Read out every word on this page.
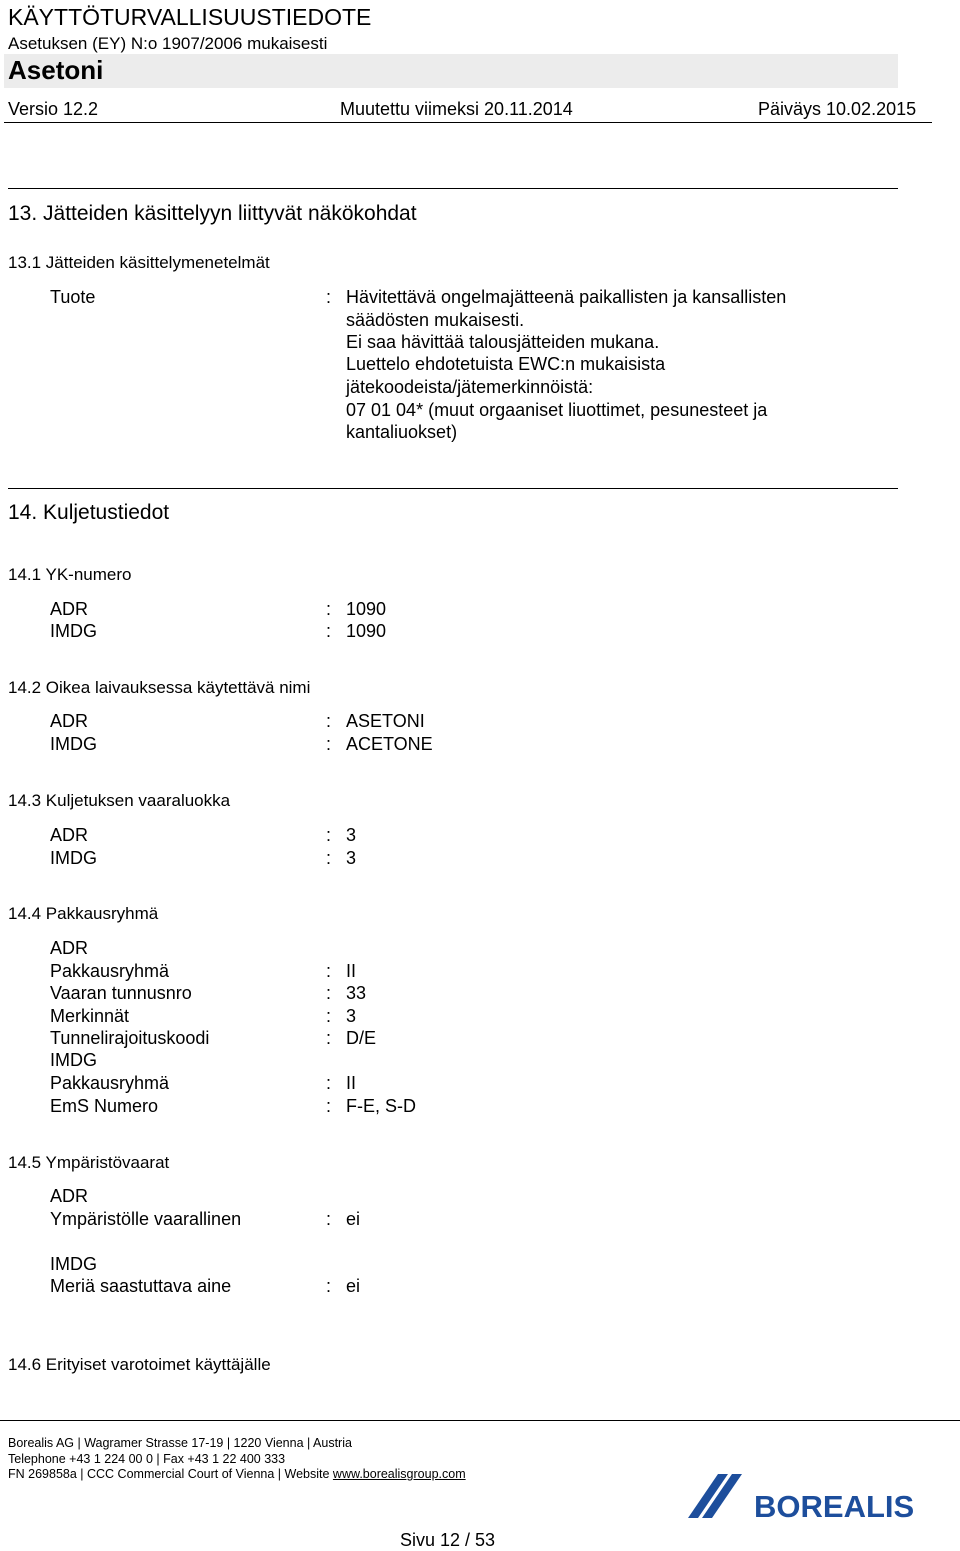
KÄYTTÖTURVALLISUUSTIEDOTE
Asetuksen (EY) N:o 1907/2006 mukaisesti
Asetoni
Versio 12.2	Muutettu viimeksi 20.11.2014	Päiväys 10.02.2015
13. Jätteiden käsittelyyn liittyvät näkökohdat
13.1 Jätteiden käsittelymenetelmät
Tuote	: Hävitettävä ongelmajätteenä paikallisten ja kansallisten
säädösten mukaisesti.
Ei saa hävittää talousjätteiden mukana.
Luettelo ehdotetuista EWC:n mukaisista
jätekoodeista/jätemerkinnöistä:
07 01 04* (muut orgaaniset liuottimet, pesunesteet ja
kantaliuokset)
14. Kuljetustiedot
14.1 YK-numero
ADR	: 1090
IMDG	: 1090
14.2 Oikea laivauksessa käytettävä nimi
ADR	: ASETONI
IMDG	: ACETONE
14.3 Kuljetuksen vaaraluokka
ADR	: 3
IMDG	: 3
14.4 Pakkausryhmä
ADR
Pakkausryhmä	: II
Vaaran tunnusnro	: 33
Merkinnät	: 3
Tunnelirajoituskoodi	: D/E
IMDG
Pakkausryhmä	: II
EmS Numero	: F-E, S-D
14.5 Ympäristövaarat
ADR
Ympäristölle vaarallinen	: ei
IMDG
Meriä saastuttava aine	: ei
14.6 Erityiset varotoimet käyttäjälle
Borealis AG | Wagramer Strasse 17-19 | 1220 Vienna | Austria
Telephone +43 1 224 00 0 | Fax +43 1 22 400 333
FN 269858a | CCC Commercial Court of Vienna | Website www.borealisgroup.com
BOREALIS
Sivu 12 / 53
